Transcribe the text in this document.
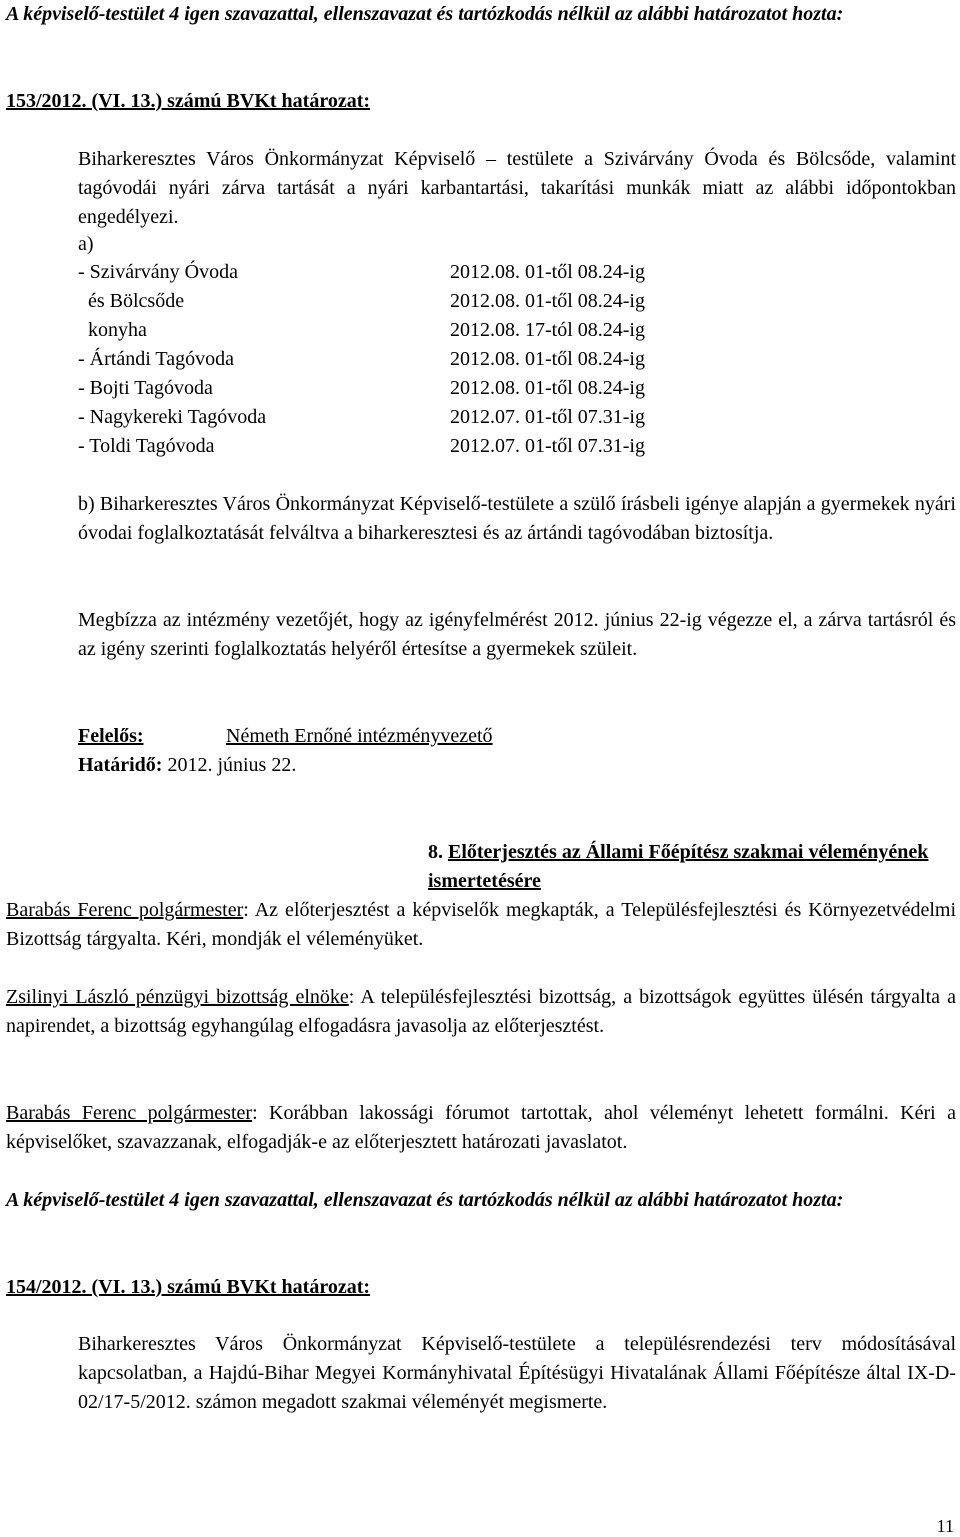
A képviselő-testület 4 igen szavazattal, ellenszavazat és tartózkodás nélkül az alábbi határozatot hozta:

153/2012. (VI. 13.) számú BVKt határozat:

Biharkeresztes Város Önkormányzat Képviselő – testülete a Szivárvány Óvoda és Bölcsőde, valamint tagóvodái nyári zárva tartását a nyári karbantartási, takarítási munkák miatt az alábbi időpontokban engedélyezi.

a)

- Szivárvány Óvoda	2012.08. 01-től 08.24-ig
és Bölcsőde	2012.08. 01-től 08.24-ig
konyha	2012.08. 17-tól 08.24-ig
- Ártándi Tagóvoda	2012.08. 01-től 08.24-ig
- Bojti Tagóvoda	2012.08. 01-től 08.24-ig
- Nagykereki Tagóvoda	2012.07. 01-től 07.31-ig
- Toldi Tagóvoda	2012.07. 01-től 07.31-ig

b) Biharkeresztes Város Önkormányzat Képviselő-testülete a szülő írásbeli igénye alapján a gyermekek nyári óvodai foglalkoztatását felváltva a biharkeresztesi és az ártándi tagóvodában biztosítja.

Megbízza az intézmény vezetőjét, hogy az igényfelmérést 2012. június 22-ig végezze el, a zárva tartásról és az igény szerinti foglalkoztatás helyéről értesítse a gyermekek szüleit.

Felelős:	Németh Ernőné intézményvezető

Határidő: 2012. június 22.

8. Előterjesztés az Állami Főépítész szakmai véleményének ismertetésére

Barabás Ferenc polgármester: Az előterjesztést a képviselők megkapták, a Településfejlesztési és Környezetvédelmi Bizottság tárgyalta. Kéri, mondják el véleményüket.

Zsilinyi László pénzügyi bizottság elnöke: A településfejlesztési bizottság, a bizottságok együttes ülésén tárgyalta a napirendet, a bizottság egyhangúlag elfogadásra javasolja az előterjesztést.

Barabás Ferenc polgármester: Korábban lakossági fórumot tartottak, ahol véleményt lehetett formálni. Kéri a képviselőket, szavazzanak, elfogadják-e az előterjesztett határozati javaslatot.

A képviselő-testület 4 igen szavazattal, ellenszavazat és tartózkodás nélkül az alábbi határozatot hozta:

154/2012. (VI. 13.) számú BVKt határozat:

Biharkeresztes Város Önkormányzat Képviselő-testülete a településrendezési terv módosításával kapcsolatban, a Hajdú-Bihar Megyei Kormányhivatal Építésügyi Hivatalának Állami Főépítésze által IX-D-02/17-5/2012. számon megadott szakmai véleményét megismerte.

11
